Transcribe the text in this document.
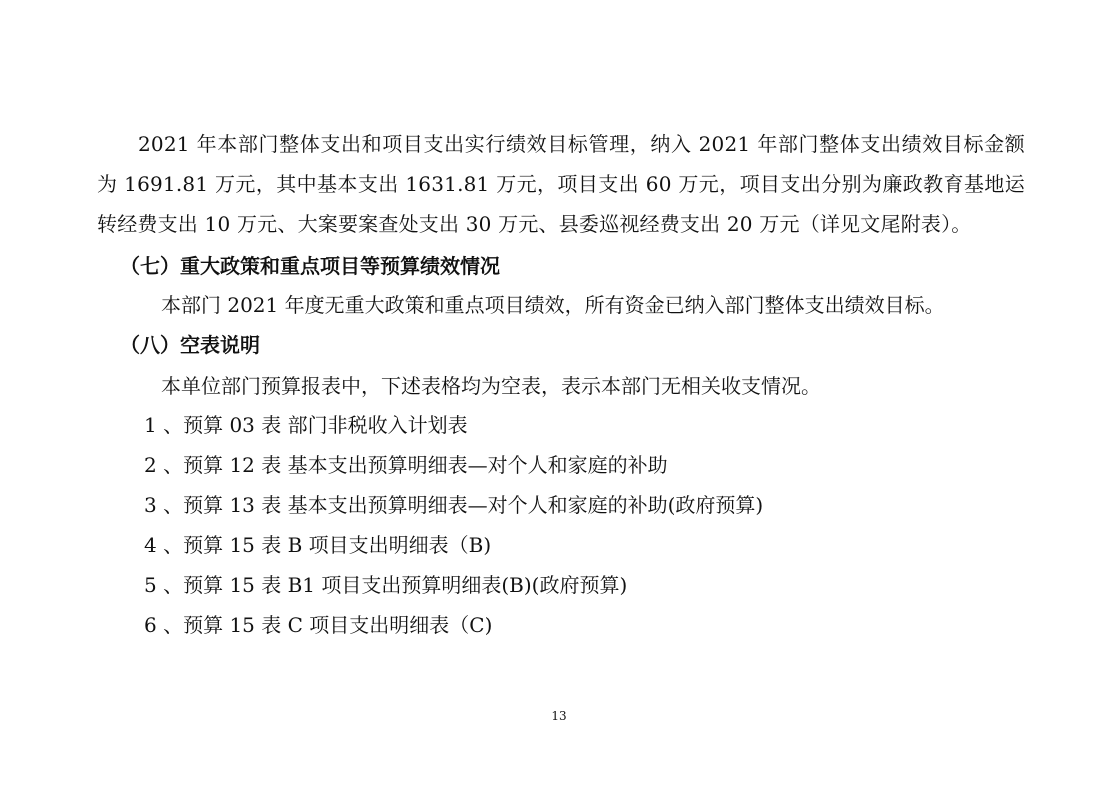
2021 年本部门整体支出和项目支出实行绩效目标管理，纳入 2021 年部门整体支出绩效目标金额为 1691.81 万元，其中基本支出 1631.81 万元，项目支出 60 万元，项目支出分别为廉政教育基地运转经费支出 10 万元、大案要案查处支出 30 万元、县委巡视经费支出 20 万元（详见文尾附表）。

（七）重大政策和重点项目等预算绩效情况

本部门 2021 年度无重大政策和重点项目绩效，所有资金已纳入部门整体支出绩效目标。

（八）空表说明

本单位部门预算报表中，下述表格均为空表，表示本部门无相关收支情况。

1 、预算 03 表 部门非税收入计划表

2 、预算 12 表 基本支出预算明细表—对个人和家庭的补助

3 、预算 13 表 基本支出预算明细表—对个人和家庭的补助(政府预算)

4 、预算 15 表 B 项目支出明细表（B)

5 、预算 15 表 B1 项目支出预算明细表(B)(政府预算)

6 、预算 15 表 C 项目支出明细表（C)

13
